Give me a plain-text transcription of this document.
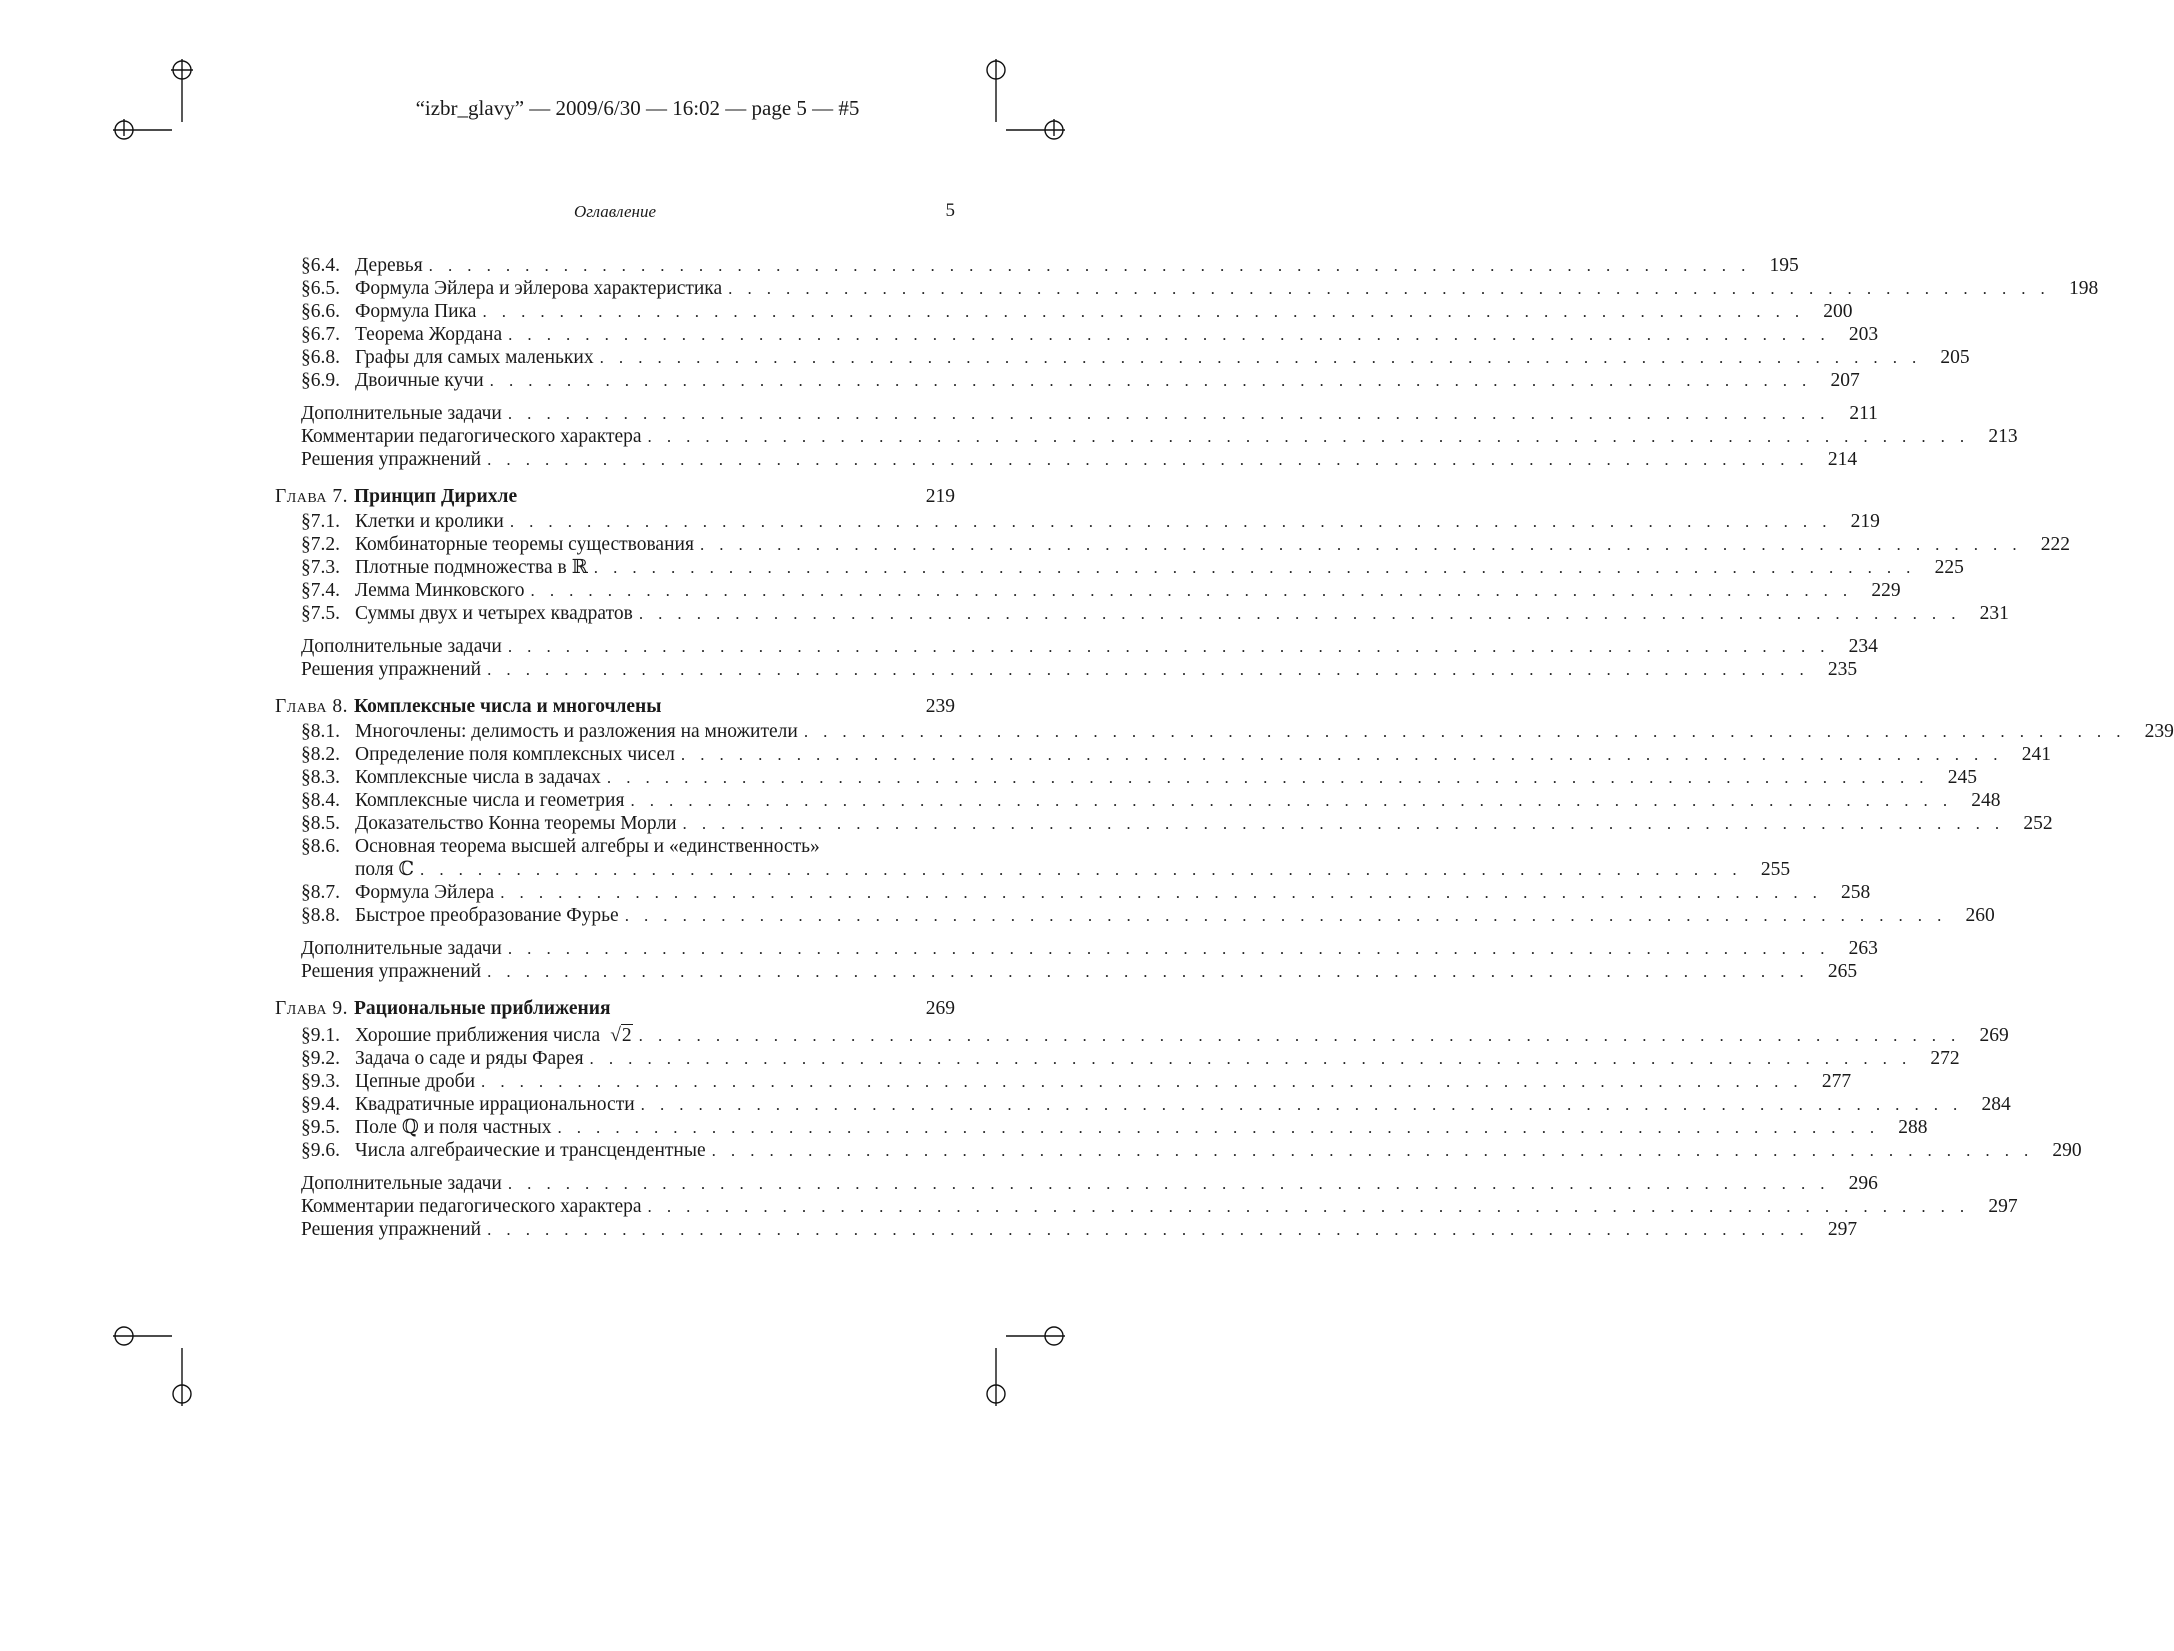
“izbr_glavy” — 2009/6/30 — 16:02 — page 5 — #5
Оглавление	5
§6.4. Деревья . . . . . . . . . . . . . . . . . . . . . . . . . . . . . . . . . . . . . . . . . . . . . . . . . . . . . . . . . . . . . . . . . . . . . 195
§6.5. Формула Эйлера и эйлерова характеристика . . . . . . . . . . . . . . . . . . . . . . . . . . . . . . . . . . . . . . . . . . . . . . . . . . . . . . . . . . . . . . . . . . . . . 198
§6.6. Формула Пика . . . . . . . . . . . . . . . . . . . . . . . . . . . . . . . . . . . . . . . . . . . . . . . . . . . . . . . . . . . . . . . . . . . . . 200
§6.7. Теорема Жордана . . . . . . . . . . . . . . . . . . . . . . . . . . . . . . . . . . . . . . . . . . . . . . . . . . . . . . . . . . . . . . . . . . . . . 203
§6.8. Графы для самых маленьких . . . . . . . . . . . . . . . . . . . . . . . . . . . . . . . . . . . . . . . . . . . . . . . . . . . . . . . . . . . . . . . . . . . . . 205
§6.9. Двоичные кучи . . . . . . . . . . . . . . . . . . . . . . . . . . . . . . . . . . . . . . . . . . . . . . . . . . . . . . . . . . . . . . . . . . . . . 207
Дополнительные задачи . . . . . . . . . . . . . . . . . . . . . . . . . . . . . . . . . . . . . . . . . . . . . . . . . . . . . . . . . . . . . . . . . . . . . 211
Комментарии педагогического характера . . . . . . . . . . . . . . . . . . . . . . . . . . . . . . . . . . . . . . . . . . . . . . . . . . . . . . . . . . . . . . . . . . . . . 213
Решения упражнений . . . . . . . . . . . . . . . . . . . . . . . . . . . . . . . . . . . . . . . . . . . . . . . . . . . . . . . . . . . . . . . . . . . . . 214
Глава 7. Принцип Дирихле	219
§7.1. Клетки и кролики . . . . . . . . . . . . . . . . . . . . . . . . . . . . . . . . . . . . . . . . . . . . . . . . . . . . . . . . . . . . . . . . . . . . . 219
§7.2. Комбинаторные теоремы существования . . . . . . . . . . . . . . . . . . . . . . . . . . . . . . . . . . . . . . . . . . . . . . . . . . . . . . . . . . . . . . . . . . . . . 222
§7.3. Плотные подмножества в ℝ . . . . . . . . . . . . . . . . . . . . . . . . . . . . . . . . . . . . . . . . . . . . . . . . . . . . . . . . . . . . . . . . . . . . . 225
§7.4. Лемма Минковского . . . . . . . . . . . . . . . . . . . . . . . . . . . . . . . . . . . . . . . . . . . . . . . . . . . . . . . . . . . . . . . . . . . . . 229
§7.5. Суммы двух и четырех квадратов . . . . . . . . . . . . . . . . . . . . . . . . . . . . . . . . . . . . . . . . . . . . . . . . . . . . . . . . . . . . . . . . . . . . . 231
Дополнительные задачи . . . . . . . . . . . . . . . . . . . . . . . . . . . . . . . . . . . . . . . . . . . . . . . . . . . . . . . . . . . . . . . . . . . . . 234
Решения упражнений . . . . . . . . . . . . . . . . . . . . . . . . . . . . . . . . . . . . . . . . . . . . . . . . . . . . . . . . . . . . . . . . . . . . . 235
Глава 8. Комплексные числа и многочлены	239
§8.1. Многочлены: делимость и разложения на множители . . . . . . . . . . . . . . . . . . . . . . . . . . . . . . . . . . . . . . . . . . . . . . . . . . . . . . . . . . . . . . . . . . . . . 239
§8.2. Определение поля комплексных чисел . . . . . . . . . . . . . . . . . . . . . . . . . . . . . . . . . . . . . . . . . . . . . . . . . . . . . . . . . . . . . . . . . . . . . 241
§8.3. Комплексные числа в задачах . . . . . . . . . . . . . . . . . . . . . . . . . . . . . . . . . . . . . . . . . . . . . . . . . . . . . . . . . . . . . . . . . . . . . 245
§8.4. Комплексные числа и геометрия . . . . . . . . . . . . . . . . . . . . . . . . . . . . . . . . . . . . . . . . . . . . . . . . . . . . . . . . . . . . . . . . . . . . . 248
§8.5. Доказательство Конна теоремы Морли . . . . . . . . . . . . . . . . . . . . . . . . . . . . . . . . . . . . . . . . . . . . . . . . . . . . . . . . . . . . . . . . . . . . . 252
§8.6. Основная теорема высшей алгебры и «единственность»
поля ℂ . . . . . . . . . . . . . . . . . . . . . . . . . . . . . . . . . . . . . . . . . . . . . . . . . . . . . . . . . . . . . . . . . . . . . 255
§8.7. Формула Эйлера . . . . . . . . . . . . . . . . . . . . . . . . . . . . . . . . . . . . . . . . . . . . . . . . . . . . . . . . . . . . . . . . . . . . . 258
§8.8. Быстрое преобразование Фурье . . . . . . . . . . . . . . . . . . . . . . . . . . . . . . . . . . . . . . . . . . . . . . . . . . . . . . . . . . . . . . . . . . . . . 260
Дополнительные задачи . . . . . . . . . . . . . . . . . . . . . . . . . . . . . . . . . . . . . . . . . . . . . . . . . . . . . . . . . . . . . . . . . . . . . 263
Решения упражнений . . . . . . . . . . . . . . . . . . . . . . . . . . . . . . . . . . . . . . . . . . . . . . . . . . . . . . . . . . . . . . . . . . . . . 265
Глава 9. Рациональные приближения	269
§9.1. Хорошие приближения числа √2 . . . . . . . . . . . . . . . . . . . . . . . . . . . . . . . . . . . . . . . . . . . . . . . . . . . . . . . . . . . . . . . . . . . . . 269
§9.2. Задача о саде и ряды Фарея . . . . . . . . . . . . . . . . . . . . . . . . . . . . . . . . . . . . . . . . . . . . . . . . . . . . . . . . . . . . . . . . . . . . . 272
§9.3. Цепные дроби . . . . . . . . . . . . . . . . . . . . . . . . . . . . . . . . . . . . . . . . . . . . . . . . . . . . . . . . . . . . . . . . . . . . . 277
§9.4. Квадратичные иррациональности . . . . . . . . . . . . . . . . . . . . . . . . . . . . . . . . . . . . . . . . . . . . . . . . . . . . . . . . . . . . . . . . . . . . . 284
§9.5. Поле ℚ и поля частных . . . . . . . . . . . . . . . . . . . . . . . . . . . . . . . . . . . . . . . . . . . . . . . . . . . . . . . . . . . . . . . . . . . . . 288
§9.6. Числа алгебраические и трансцендентные . . . . . . . . . . . . . . . . . . . . . . . . . . . . . . . . . . . . . . . . . . . . . . . . . . . . . . . . . . . . . . . . . . . . . 290
Дополнительные задачи . . . . . . . . . . . . . . . . . . . . . . . . . . . . . . . . . . . . . . . . . . . . . . . . . . . . . . . . . . . . . . . . . . . . . 296
Комментарии педагогического характера . . . . . . . . . . . . . . . . . . . . . . . . . . . . . . . . . . . . . . . . . . . . . . . . . . . . . . . . . . . . . . . . . . . . . 297
Решения упражнений . . . . . . . . . . . . . . . . . . . . . . . . . . . . . . . . . . . . . . . . . . . . . . . . . . . . . . . . . . . . . . . . . . . . . 297
